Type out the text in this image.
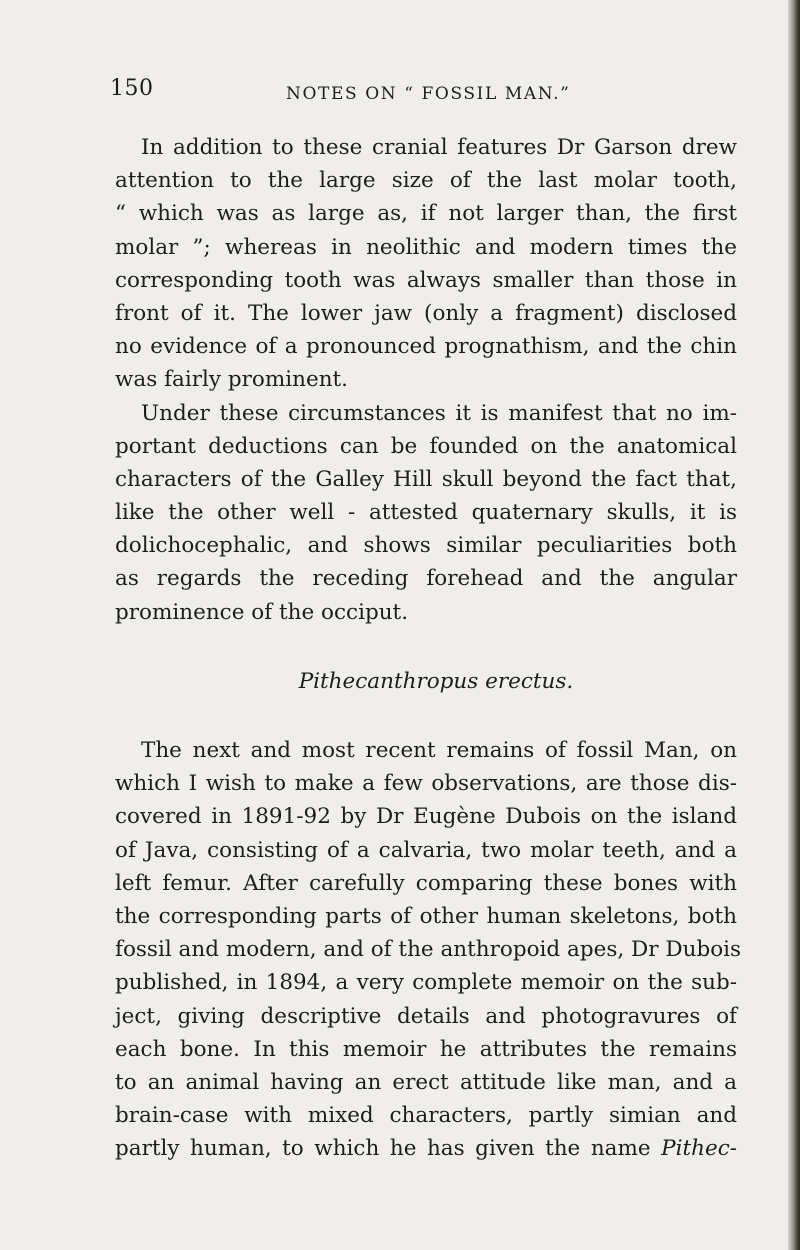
150	NOTES ON “ FOSSIL MAN.”
In addition to these cranial features Dr Garson drew
attention to the large size of the last molar tooth,
“ which was as large as, if not larger than, the first
molar ”; whereas in neolithic and modern times the
corresponding tooth was always smaller than those in
front of it. The lower jaw (only a fragment) disclosed
no evidence of a pronounced prognathism, and the chin
was fairly prominent.
Under these circumstances it is manifest that no im-
portant deductions can be founded on the anatomical
characters of the Galley Hill skull beyond the fact that,
like the other well - attested quaternary skulls, it is
dolichocephalic, and shows similar peculiarities both
as regards the receding forehead and the angular
prominence of the occiput.
Pithecanthropus erectus.
The next and most recent remains of fossil Man, on
which I wish to make a few observations, are those dis-
covered in 1891-92 by Dr Eugène Dubois on the island
of Java, consisting of a calvaria, two molar teeth, and a
left femur. After carefully comparing these bones with
the corresponding parts of other human skeletons, both
fossil and modern, and of the anthropoid apes, Dr Dubois
published, in 1894, a very complete memoir on the sub-
ject, giving descriptive details and photogravures of
each bone. In this memoir he attributes the remains
to an animal having an erect attitude like man, and a
brain-case with mixed characters, partly simian and
partly human, to which he has given the name Pithec-
